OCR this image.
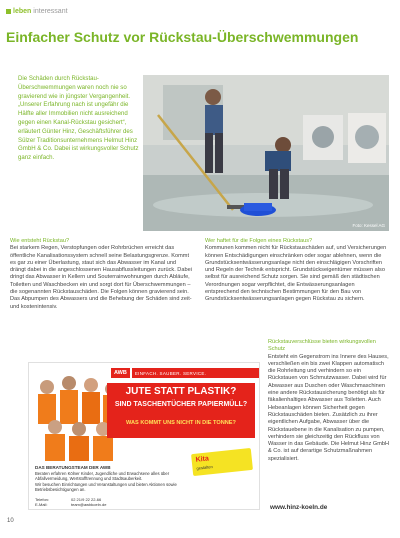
leben interessant
Einfacher Schutz vor Rückstau-Überschwemmungen

Die Schäden durch Rückstau-Überschwemmungen waren noch nie so gravierend wie in jüngster Vergangenheit. „Unserer Erfahrung nach ist ungefähr die Hälfte aller Immobilien nicht ausreichend gegen einen Kanal-Rückstau gesichert“, erläutert Günter Hinz, Geschäftsführer des Sülzer Traditionsunternehmens Helmut Hinz GmbH & Co. Dabei ist wirkungsvoller Schutz ganz einfach.

Foto: Kessel AG
Wie entsteht Rückstau?
Bei starkem Regen, Verstopfungen oder Rohrbrüchen erreicht das öffentliche Kanalisationssystem schnell seine Belastungsgrenze. Kommt es gar zu einer Überlastung, staut sich das Abwasser im Kanal und drängt dabei in die angeschlossenen Hausabflussleitungen zurück. Dabei dringt das Abwasser in Kellern und Souterrainwohnungen durch Abläufe, Toiletten und Waschbecken ein und sorgt dort für Überschwemmungen – die sogenannten Rückstauschäden. Die Folgen können gravierend sein. Das Abpumpen des Abwassers und die Behebung der Schäden sind zeit- und kostenintensiv.
Wer haftet für die Folgen eines Rückstaus?
Kommunen kommen nicht für Rückstauschäden auf, und Versicherungen können Entschädigungen einschränken oder sogar ablehnen, wenn die Grundstücksentwässerungsanlage nicht den einschlägigen Vorschriften und Regeln der Technik entspricht. Grundstückseigentümer müssen also selbst für ausreichend Schutz sorgen. Sie sind gemäß den städtischen Verordnungen sogar verpflichtet, die Entwässerungsanlagen entsprechend den technischen Bestimmungen für den Bau von Grundstücksentwässerungsanlagen gegen Rückstau zu sichern.
Rückstauverschlüsse bieten wirkungsvollen Schutz
Entsteht ein Gegenstrom ins Innere des Hauses, verschließen ein bis zwei Klappen automatisch die Rohrleitung und verhindern so ein Rückstauen von Schmutzwasser. Dabei wird für Abwasser aus Duschen oder Waschmaschinen eine andere Rückstausicherung benötigt als für fäkalienhaltiges Abwasser aus Toiletten. Auch Hebeanlagen können Sicherheit gegen Rückstauschäden bieten. Zusätzlich zu ihrer eigentlichen Aufgabe, Abwasser über die Rückstauebene in die Kanalisation zu pumpen, verhindern sie gleichzeitig den Rückfluss von Wasser in das Gebäude. Die Helmut Hinz GmbH & Co. ist auf derartige Schutzmaßnahmen spezialisiert.
AWB	EINFACH. SAUBER. SERVICE.
JUTE STATT PLASTIK?
SIND TASCHENTÜCHER PAPIERMÜLL?
WAS KOMMT UNS NICHT IN DIE TONNE?
Kita
gestalten
DAS BERATUNGSTEAM DER AWB
Beraten erfahren Kölner Kinder, Jugendliche und Erwachsene alles über Abfallvermeidung, Wertstofftrennung und Stadtsauberkeit.
Wir besuchen Einrichtungen und Veranstaltungen und bieten Aktionen sowie Betriebsbesichtigungen an.
Telefon:	02 21/9 22 22-66
E-Mail:	team@awbkoeln.de	www.hinz-koeln.de
10
